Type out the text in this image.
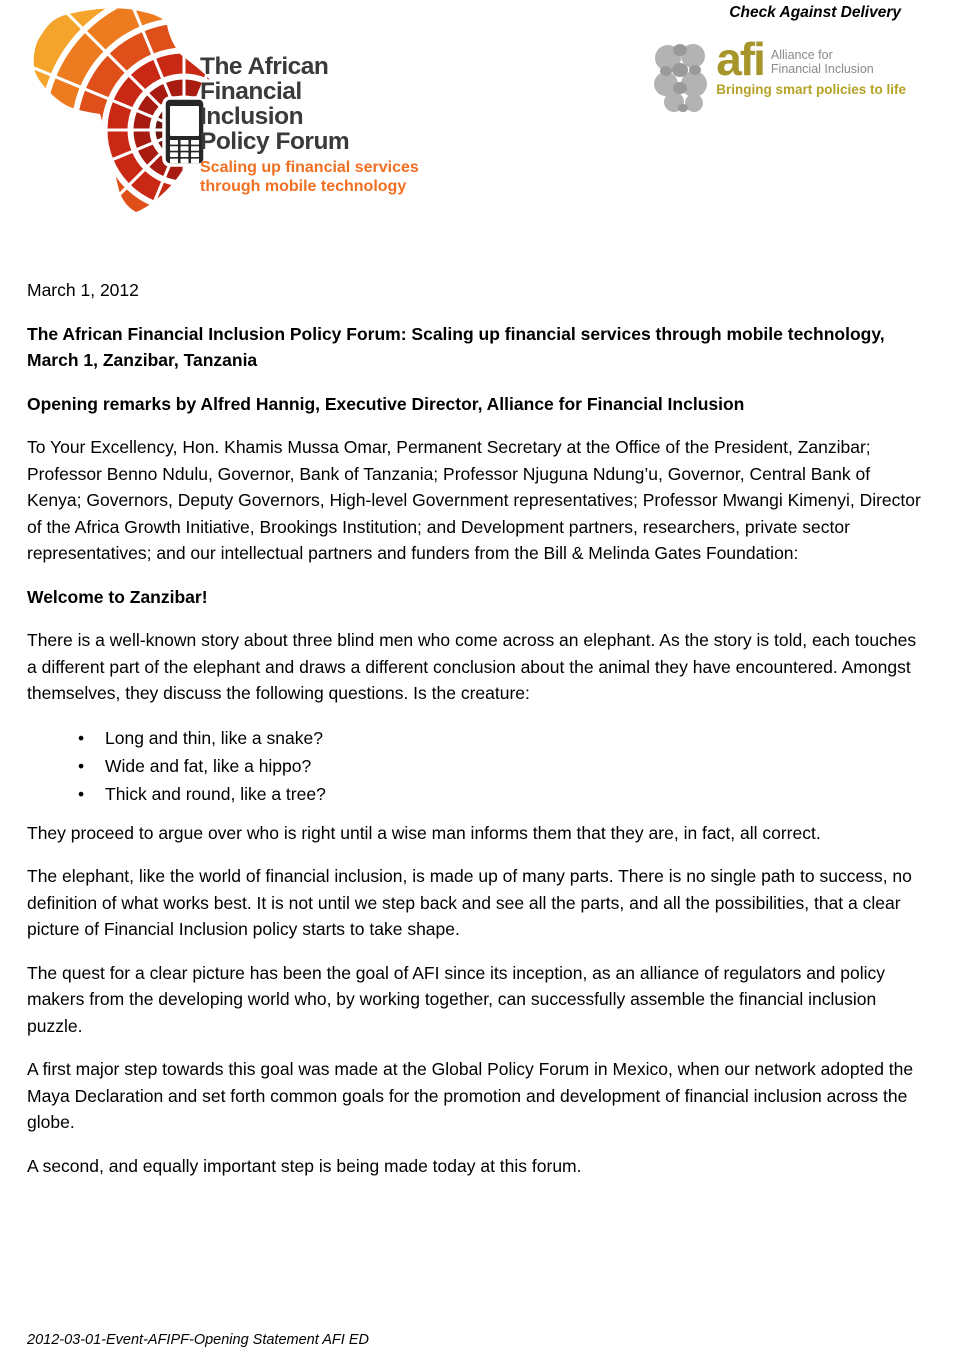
The African
Financial
Inclusion
Policy Forum
Scaling up financial services
through mobile technology
Check Against Delivery
afi Alliance for
Financial Inclusion
Bringing smart policies to life
March 1, 2012
The African Financial Inclusion Policy Forum: Scaling up financial services through mobile technology, March 1, Zanzibar, Tanzania
Opening remarks by Alfred Hannig, Executive Director, Alliance for Financial Inclusion

To Your Excellency, Hon. Khamis Mussa Omar, Permanent Secretary at the Office of the President, Zanzibar; Professor Benno Ndulu, Governor, Bank of Tanzania; Professor Njuguna Ndung’u, Governor, Central Bank of Kenya; Governors, Deputy Governors, High-level Government representatives; Professor Mwangi Kimenyi, Director of the Africa Growth Initiative, Brookings Institution; and Development partners, researchers, private sector representatives; and our intellectual partners and funders from the Bill & Melinda Gates Foundation:

Welcome to Zanzibar!

There is a well-known story about three blind men who come across an elephant. As the story is told, each touches a different part of the elephant and draws a different conclusion about the animal they have encountered. Amongst themselves, they discuss the following questions. Is the creature:

• Long and thin, like a snake?
• Wide and fat, like a hippo?
• Thick and round, like a tree?

They proceed to argue over who is right until a wise man informs them that they are, in fact, all correct.

The elephant, like the world of financial inclusion, is made up of many parts. There is no single path to success, no definition of what works best. It is not until we step back and see all the parts, and all the possibilities, that a clear picture of Financial Inclusion policy starts to take shape.

The quest for a clear picture has been the goal of AFI since its inception, as an alliance of regulators and policy makers from the developing world who, by working together, can successfully assemble the financial inclusion puzzle.

A first major step towards this goal was made at the Global Policy Forum in Mexico, when our network adopted the Maya Declaration and set forth common goals for the promotion and development of financial inclusion across the globe.

A second, and equally important step is being made today at this forum.

2012-03-01-Event-AFIPF-Opening Statement AFI ED
